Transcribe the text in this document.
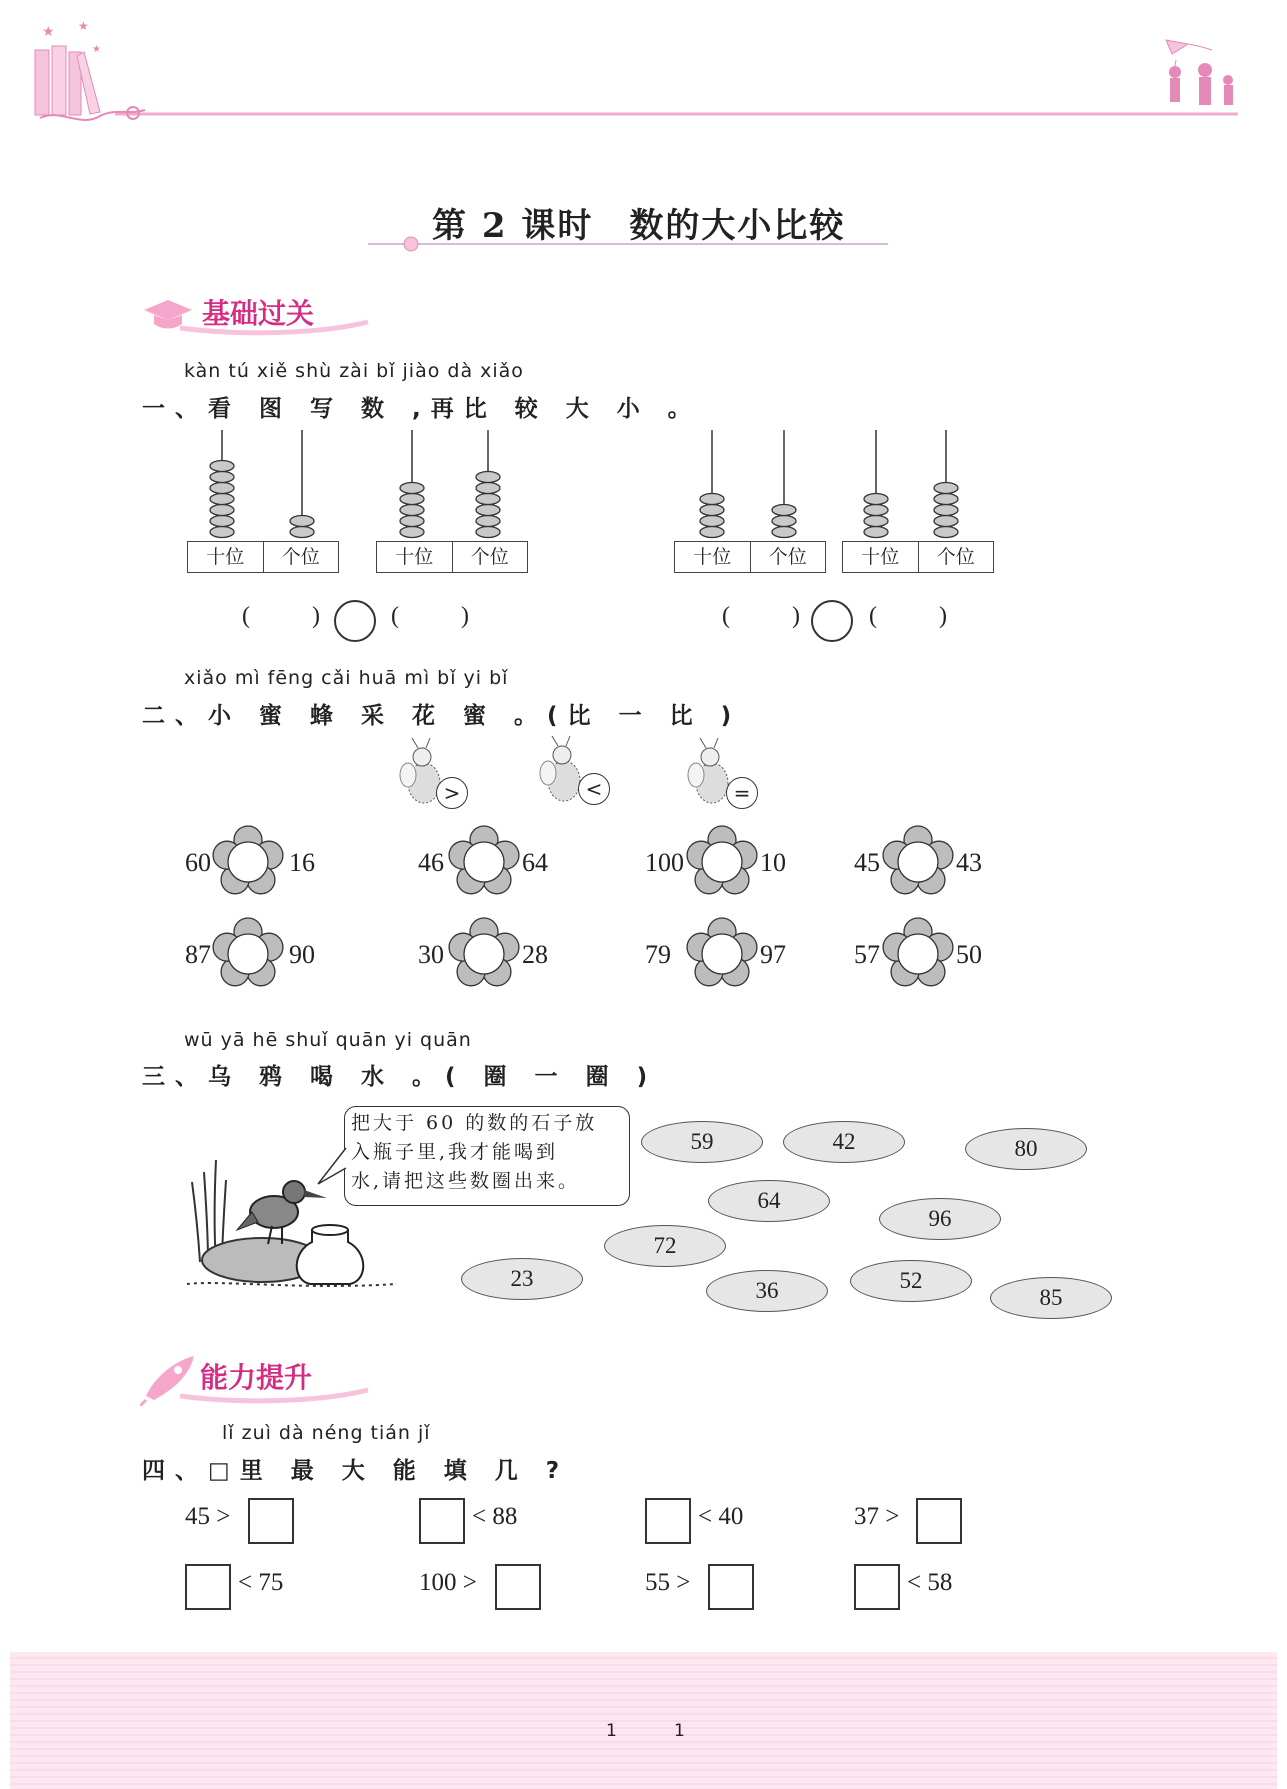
★ ★
★
第 2 课时　数的大小比较
基础过关
kàn tú xiě shù zài bǐ jiào dà xiǎo
一、看 图 写 数 ,再比 较 大 小 。
十位	个位	十位	个位	十位	个位	十位	个位
(	)	(	)	(	)	(	)
xiǎo mì fēng cǎi huā mì bǐ yi bǐ
二、小 蜜 蜂 采 花 蜜 。(比 一 比 )
>	<	=
60	16	46	64	100	10	45	43
87	90	30	28	79	97	57	50
wū yā hē shuǐ quān yi quān
三、乌 鸦 喝 水 。( 圈 一 圈 )
把大于 60 的数的石子放
入瓶子里,我才能喝到
水,请把这些数圈出来。
59	42	80
64
96
72
23	36	52
85
能力提升
lǐ zuì dà néng tián jǐ
四、□里 最 大 能 填 几 ?
45 >	< 88	< 40	37 >
< 75	100 >	55 >	< 58
1	1
